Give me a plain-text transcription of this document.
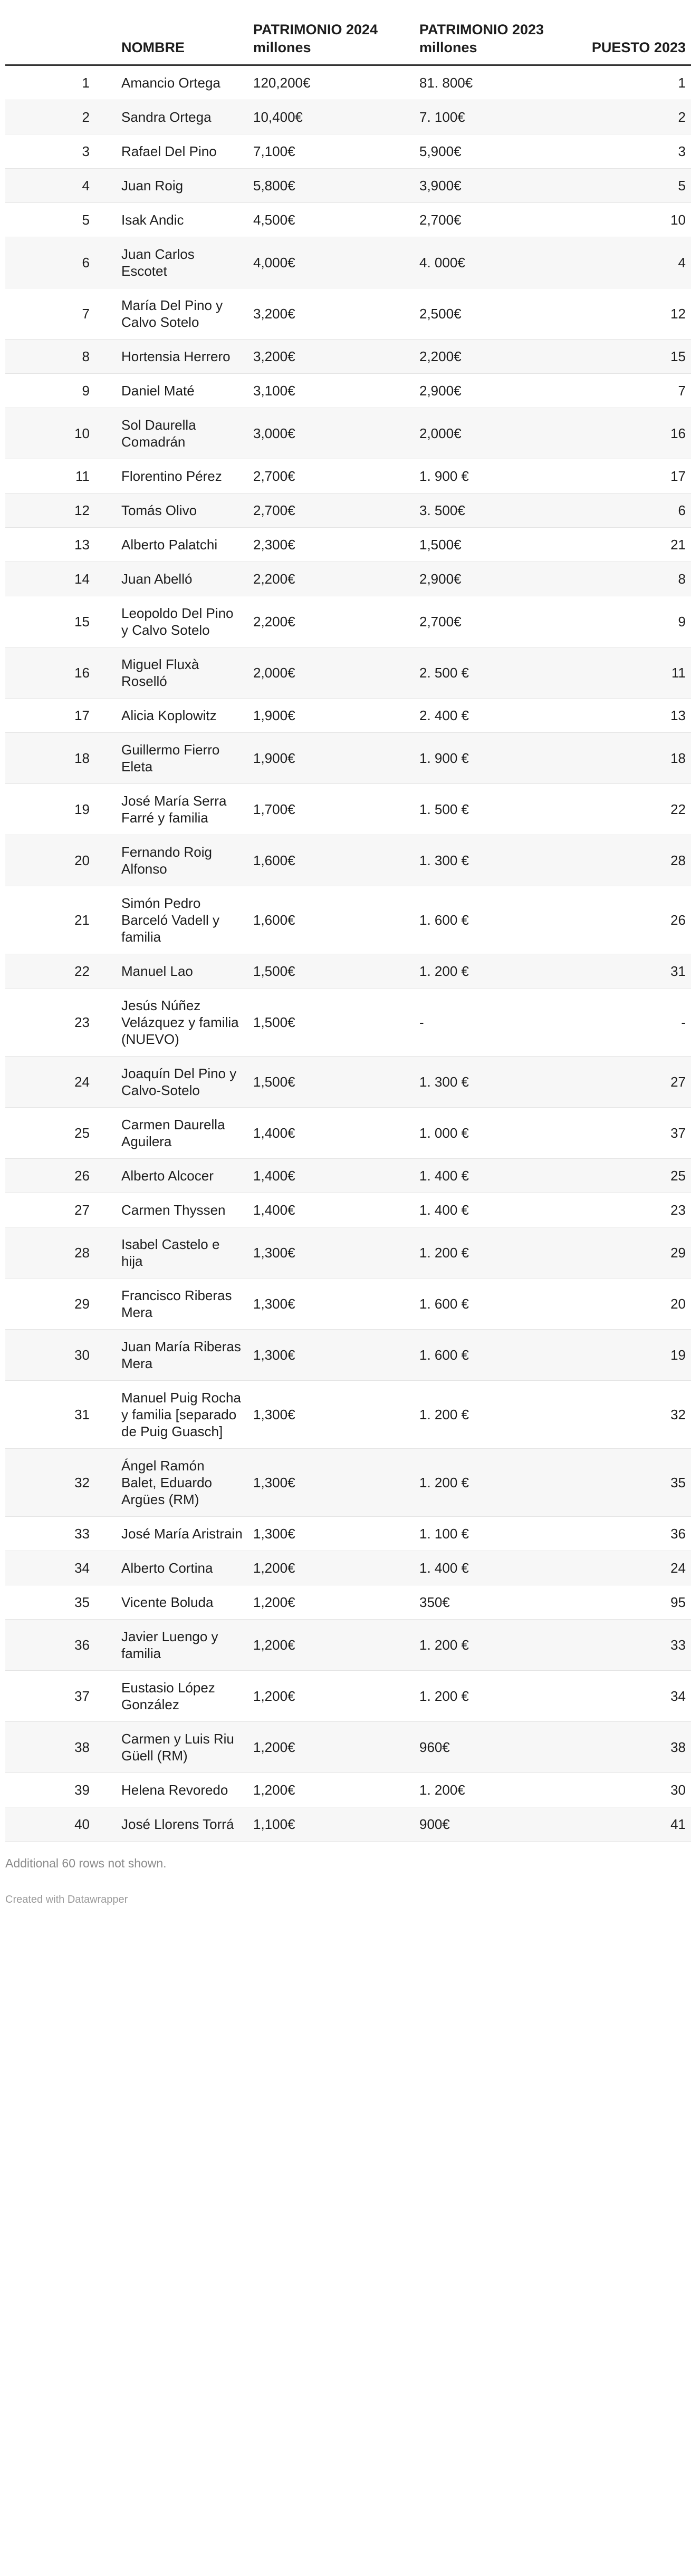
	NOMBRE	PATRIMONIO 2024 millones	PATRIMONIO 2023 millones	PUESTO 2023
1	Amancio Ortega	120,200€	81. 800€	1
2	Sandra Ortega	10,400€	7. 100€	2
3	Rafael Del Pino	7,100€	5,900€	3
4	Juan Roig	5,800€	3,900€	5
5	Isak Andic	4,500€	2,700€	10
6	Juan Carlos Escotet	4,000€	4. 000€	4
7	María Del Pino y Calvo Sotelo	3,200€	2,500€	12
8	Hortensia Herrero	3,200€	2,200€	15
9	Daniel Maté	3,100€	2,900€	7
10	Sol Daurella Comadrán	3,000€	2,000€	16
11	Florentino Pérez	2,700€	1. 900 €	17
12	Tomás Olivo	2,700€	3. 500€	6
13	Alberto Palatchi	2,300€	1,500€	21
14	Juan Abelló	2,200€	2,900€	8
15	Leopoldo Del Pino y Calvo Sotelo	2,200€	2,700€	9
16	Miguel Fluxà Roselló	2,000€	2. 500 €	11
17	Alicia Koplowitz	1,900€	2. 400 €	13
18	Guillermo Fierro Eleta	1,900€	1. 900 €	18
19	José María Serra Farré y familia	1,700€	1. 500 €	22
20	Fernando Roig Alfonso	1,600€	1. 300 €	28
21	Simón Pedro Barceló Vadell y familia	1,600€	1. 600 €	26
22	Manuel Lao	1,500€	1. 200 €	31
23	Jesús Núñez Velázquez y familia (NUEVO)	1,500€	-	-
24	Joaquín Del Pino y Calvo-Sotelo	1,500€	1. 300 €	27
25	Carmen Daurella Aguilera	1,400€	1. 000 €	37
26	Alberto Alcocer	1,400€	1. 400 €	25
27	Carmen Thyssen	1,400€	1. 400 €	23
28	Isabel Castelo e hija	1,300€	1. 200 €	29
29	Francisco Riberas Mera	1,300€	1. 600 €	20
30	Juan María Riberas Mera	1,300€	1. 600 €	19
31	Manuel Puig Rocha y familia [separado de Puig Guasch]	1,300€	1. 200 €	32
32	Ángel Ramón Balet, Eduardo Argües (RM)	1,300€	1. 200 €	35
33	José María Aristrain	1,300€	1. 100 €	36
34	Alberto Cortina	1,200€	1. 400 €	24
35	Vicente Boluda	1,200€	350€	95
36	Javier Luengo y familia	1,200€	1. 200 €	33
37	Eustasio López González	1,200€	1. 200 €	34
38	Carmen y Luis Riu Güell (RM)	1,200€	960€	38
39	Helena Revoredo	1,200€	1. 200€	30
40	José Llorens Torrá	1,100€	900€	41
Additional 60 rows not shown.
Created with Datawrapper
